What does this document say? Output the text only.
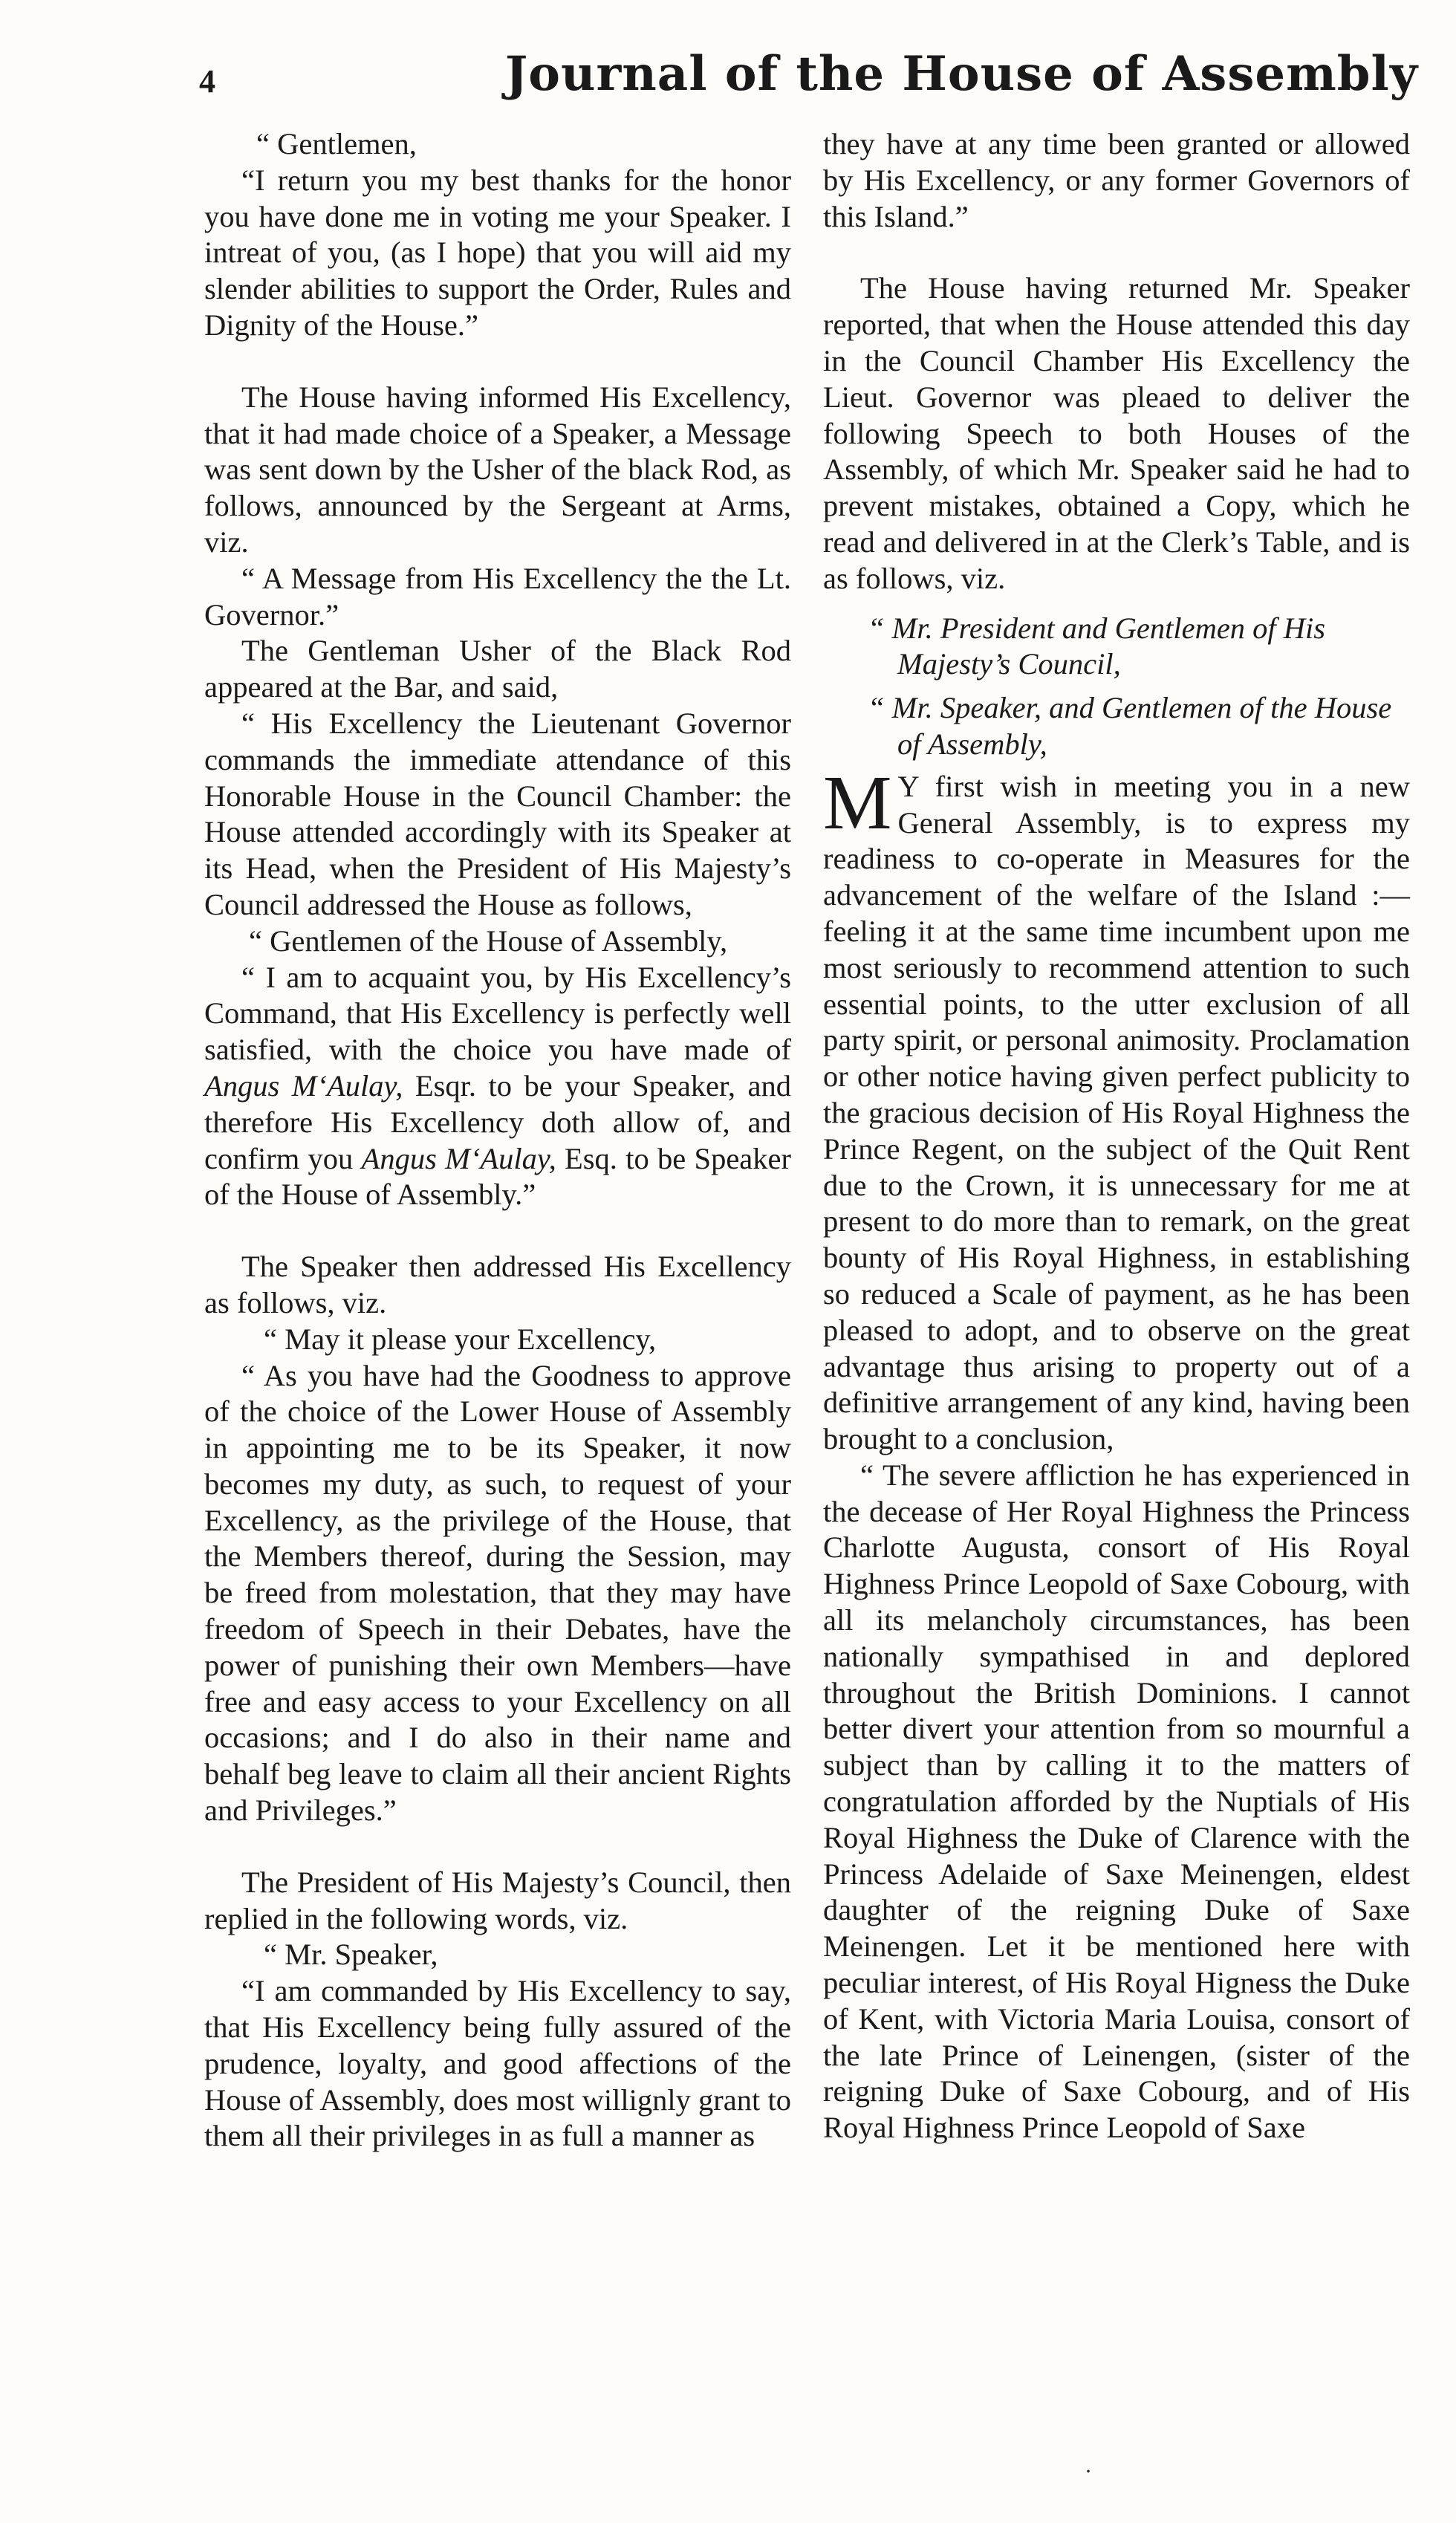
4	Journal of the House of Assembly

“ Gentlemen,

“I return you my best thanks for the honor you have done me in voting me your Speaker. I intreat of you, (as I hope) that you will aid my slender abilities to support the Order, Rules and Dignity of the House.”

The House having informed His Excellency, that it had made choice of a Speaker, a Message was sent down by the Usher of the black Rod, as follows, announced by the Sergeant at Arms, viz.

“ A Message from His Excellency the the Lt. Governor.”

The Gentleman Usher of the Black Rod appeared at the Bar, and said,

“ His Excellency the Lieutenant Governor commands the immediate attendance of this Honorable House in the Council Chamber: the House attended accordingly with its Speaker at its Head, when the President of His Majesty’s Council addressed the House as follows,

“ Gentlemen of the House of Assembly,

“ I am to acquaint you, by His Excellency’s Command, that His Excellency is perfectly well satisfied, with the choice you have made of Angus M‘Aulay, Esqr. to be your Speaker, and therefore His Excellency doth allow of, and confirm you Angus M‘Aulay, Esq. to be Speaker of the House of Assembly.”

The Speaker then addressed His Excellency as follows, viz.

“ May it please your Excellency,

“ As you have had the Goodness to approve of the choice of the Lower House of Assembly in appointing me to be its Speaker, it now becomes my duty, as such, to request of your Excellency, as the privilege of the House, that the Members thereof, during the Session, may be freed from molestation, that they may have freedom of Speech in their Debates, have the power of punishing their own Members—have free and easy access to your Excellency on all occasions; and I do also in their name and behalf beg leave to claim all their ancient Rights and Privileges.”

The President of His Majesty’s Council, then replied in the following words, viz.

“ Mr. Speaker,

“I am commanded by His Excellency to say, that His Excellency being fully assured of the prudence, loyalty, and good affections of the House of Assembly, does most willignly grant to them all their privileges in as full a manner as

they have at any time been granted or allowed by His Excellency, or any former Governors of this Island.”

The House having returned Mr. Speaker reported, that when the House attended this day in the Council Chamber His Excellency the Lieut. Governor was pleaed to deliver the following Speech to both Houses of the Assembly, of which Mr. Speaker said he had to prevent mistakes, obtained a Copy, which he read and delivered in at the Clerk’s Table, and is as follows, viz.

“ Mr. President and Gentlemen of His Majesty’s Council,

“ Mr. Speaker, and Gentlemen of the House of Assembly,

M Y first wish in meeting you in a new General Assembly, is to express my readiness to co-operate in Measures for the advancement of the welfare of the Island :—feeling it at the same time incumbent upon me most seriously to recommend attention to such essential points, to the utter exclusion of all party spirit, or personal animosity. Proclamation or other notice having given perfect publicity to the gracious decision of His Royal Highness the Prince Regent, on the subject of the Quit Rent due to the Crown, it is unnecessary for me at present to do more than to remark, on the great bounty of His Royal Highness, in establishing so reduced a Scale of payment, as he has been pleased to adopt, and to observe on the great advantage thus arising to property out of a definitive arrangement of any kind, having been brought to a conclusion,

“ The severe affliction he has experienced in the decease of Her Royal Highness the Princess Charlotte Augusta, consort of His Royal Highness Prince Leopold of Saxe Cobourg, with all its melancholy circumstances, has been nationally sympathised in and deplored throughout the British Dominions. I cannot better divert your attention from so mournful a subject than by calling it to the matters of congratulation afforded by the Nuptials of His Royal Highness the Duke of Clarence with the Princess Adelaide of Saxe Meinengen, eldest daughter of the reigning Duke of Saxe Meinengen. Let it be mentioned here with peculiar interest, of His Royal Higness the Duke of Kent, with Victoria Maria Louisa, consort of the late Prince of Leinengen, (sister of the reigning Duke of Saxe Cobourg, and of His Royal Highness Prince Leopold of Saxe

·
